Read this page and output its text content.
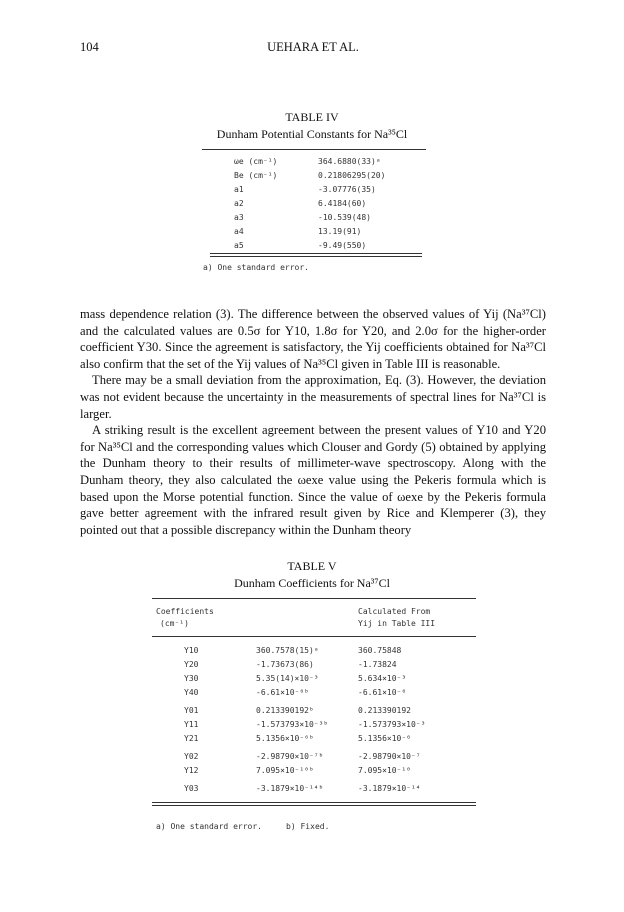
104	UEHARA ET AL.
TABLE IV
Dunham Potential Constants for Na³⁵Cl
ωe (cm⁻¹)	364.6880(33)ᵃ
Be (cm⁻¹)	0.21806295(20)
a1	-3.07776(35)
a2	6.4184(60)
a3	-10.539(48)
a4	13.19(91)
a5	-9.49(550)
a) One standard error.

mass dependence relation (3). The difference between the observed values of Yij (Na³⁷Cl) and the calculated values are 0.5σ for Y10, 1.8σ for Y20, and 2.0σ for the higher-order coefficient Y30. Since the agreement is satisfactory, the Yij coefficients obtained for Na³⁷Cl also confirm that the set of the Yij values of Na³⁵Cl given in Table III is reasonable.

There may be a small deviation from the approximation, Eq. (3). However, the deviation was not evident because the uncertainty in the measurements of spectral lines for Na³⁷Cl is larger.

A striking result is the excellent agreement between the present values of Y10 and Y20 for Na³⁵Cl and the corresponding values which Clouser and Gordy (5) obtained by applying the Dunham theory to their results of millimeter-wave spectroscopy. Along with the Dunham theory, they also calculated the ωexe value using the Pekeris formula which is based upon the Morse potential function. Since the value of ωexe by the Pekeris formula gave better agreement with the infrared result given by Rice and Klemperer (3), they pointed out that a possible discrepancy within the Dunham theory

TABLE V
Dunham Coefficients for Na³⁷Cl
Coefficients
(cm⁻¹)
Calculated From
Yij in Table III
Y10	360.7578(15)ᵃ	360.75848
Y20	-1.73673(86)	-1.73824
Y30	5.35(14)×10⁻³	5.634×10⁻³
Y40	-6.61×10⁻⁶ᵇ	-6.61×10⁻⁶
Y01	0.213390192ᵇ	0.213390192
Y11	-1.573793×10⁻³ᵇ	-1.573793×10⁻³
Y21	5.1356×10⁻⁶ᵇ	5.1356×10⁻⁶
Y02	-2.98790×10⁻⁷ᵇ	-2.98790×10⁻⁷
Y12	7.095×10⁻¹⁰ᵇ	7.095×10⁻¹⁰
Y03	-3.1879×10⁻¹⁴ᵇ	-3.1879×10⁻¹⁴
a) One standard error.     b) Fixed.
